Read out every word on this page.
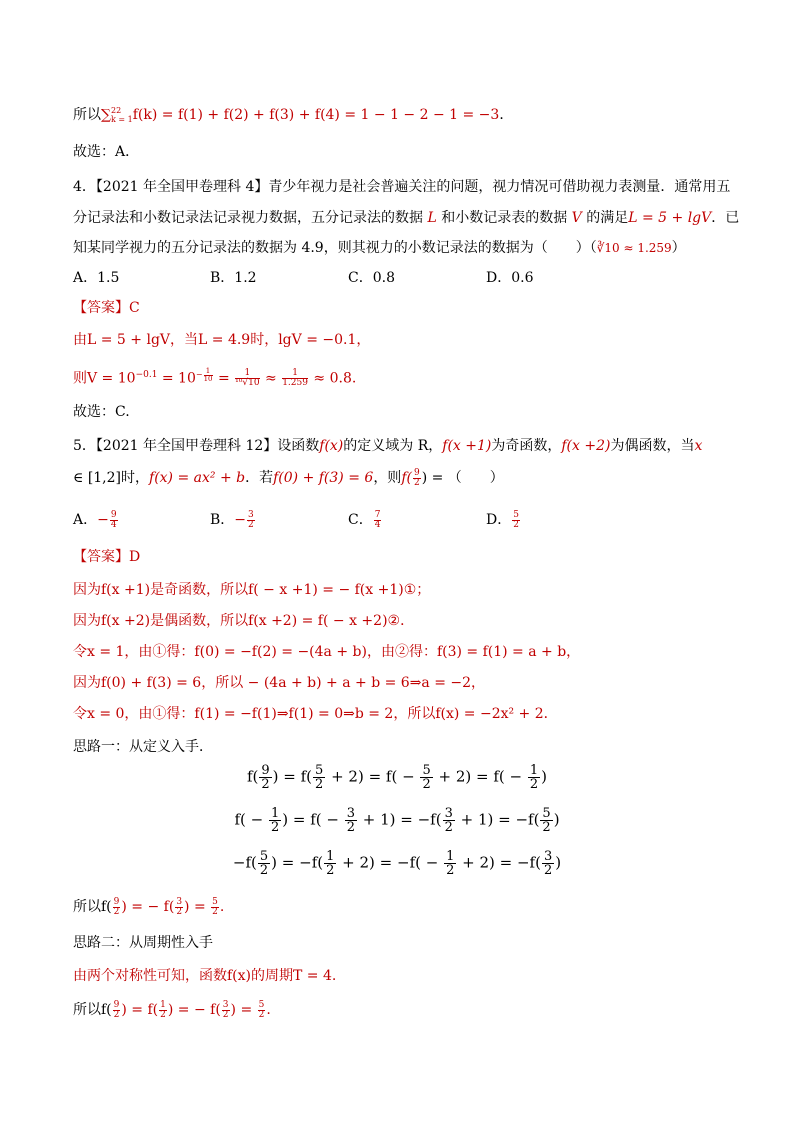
所以∑ 22
k = 1 f(k) = f(1) + f(2) + f(3) + f(4) = 1 − 1 − 2 − 1 = −3．
故选：A．
4．【2021 年全国甲卷理科 4】青少年视力是社会普遍关注的问题，视力情况可借助视力表测量．通常用五
分记录法和小数记录法记录视力数据，五分记录法的数据 L 和小数记录表的数据 V 的满足L = 5 + lgV．已
知某同学视力的五分记录法的数据为 4.9，则其视力的小数记录法的数据为（　　）（∛10 ≈ 1.259）
A．1.5	B．1.2	C．0.8	D．0.6
【答案】C
由L = 5 + lgV，当L = 4.9时，lgV = −0.1，
则$V = 10^{-0.1} = 10^{- \frac{1}{10}} = \frac{1}{\text{¹⁰√10}} \approx \frac{1}{1.259} \approx 0.8$.
故选：C.
5．【2021 年全国甲卷理科 12】设函数f(x)的定义域为 R，f(x +1)为奇函数，f(x +2)为偶函数，当x
∈ [1,2]时，f(x) = ax² + b．若f(0) + f(3) = 6，则$f( \frac{9}{2}$ ) = （　　）
A．− $\frac{9}{4}$	B．− $\frac{3}{2}$	C． $\frac{7}{4}$	D． $\frac{5}{2}$
【答案】D
因为f(x +1)是奇函数，所以f( − x +1) = − f(x +1)①；
因为f(x +2)是偶函数，所以f(x +2) = f( − x +2)②．
令x = 1，由①得：f(0) = −f(2) = −(4a + b)，由②得：f(3) = f(1) = a + b，
因为f(0) + f(3) = 6，所以 − (4a + b) + a + b = 6⇒a = −2，
令x = 0，由①得：f(1) = −f(1)⇒f(1) = 0⇒b = 2，所以f(x) = −2x² + 2．
思路一：从定义入手．
$f( \frac{9}{2}$ ) = $f( \frac{5}{2} + 2) = f( - \frac{5}{2} + 2) = f( - \frac{1}{2}$ )
$f( - \frac{1}{2}$ ) = $f( - \frac{3}{2} + 1) = -f( \frac{3}{2} + 1) = -f( \frac{5}{2}$ )
$-f( \frac{5}{2}$ ) = $-f( \frac{1}{2} + 2) = -f( - \frac{1}{2} + 2) = -f( \frac{3}{2}$ )
所以$f( \frac{9}{2}$ ) = − $f( \frac{3}{2}$ ) = $\frac{5}{2}$ .
思路二：从周期性入手
由两个对称性可知，函数f(x)的周期T = 4.
所以$f( \frac{9}{2}$ ) = $f( \frac{1}{2}$ ) = − $f( \frac{3}{2}$ ) = $\frac{5}{2}$ .
